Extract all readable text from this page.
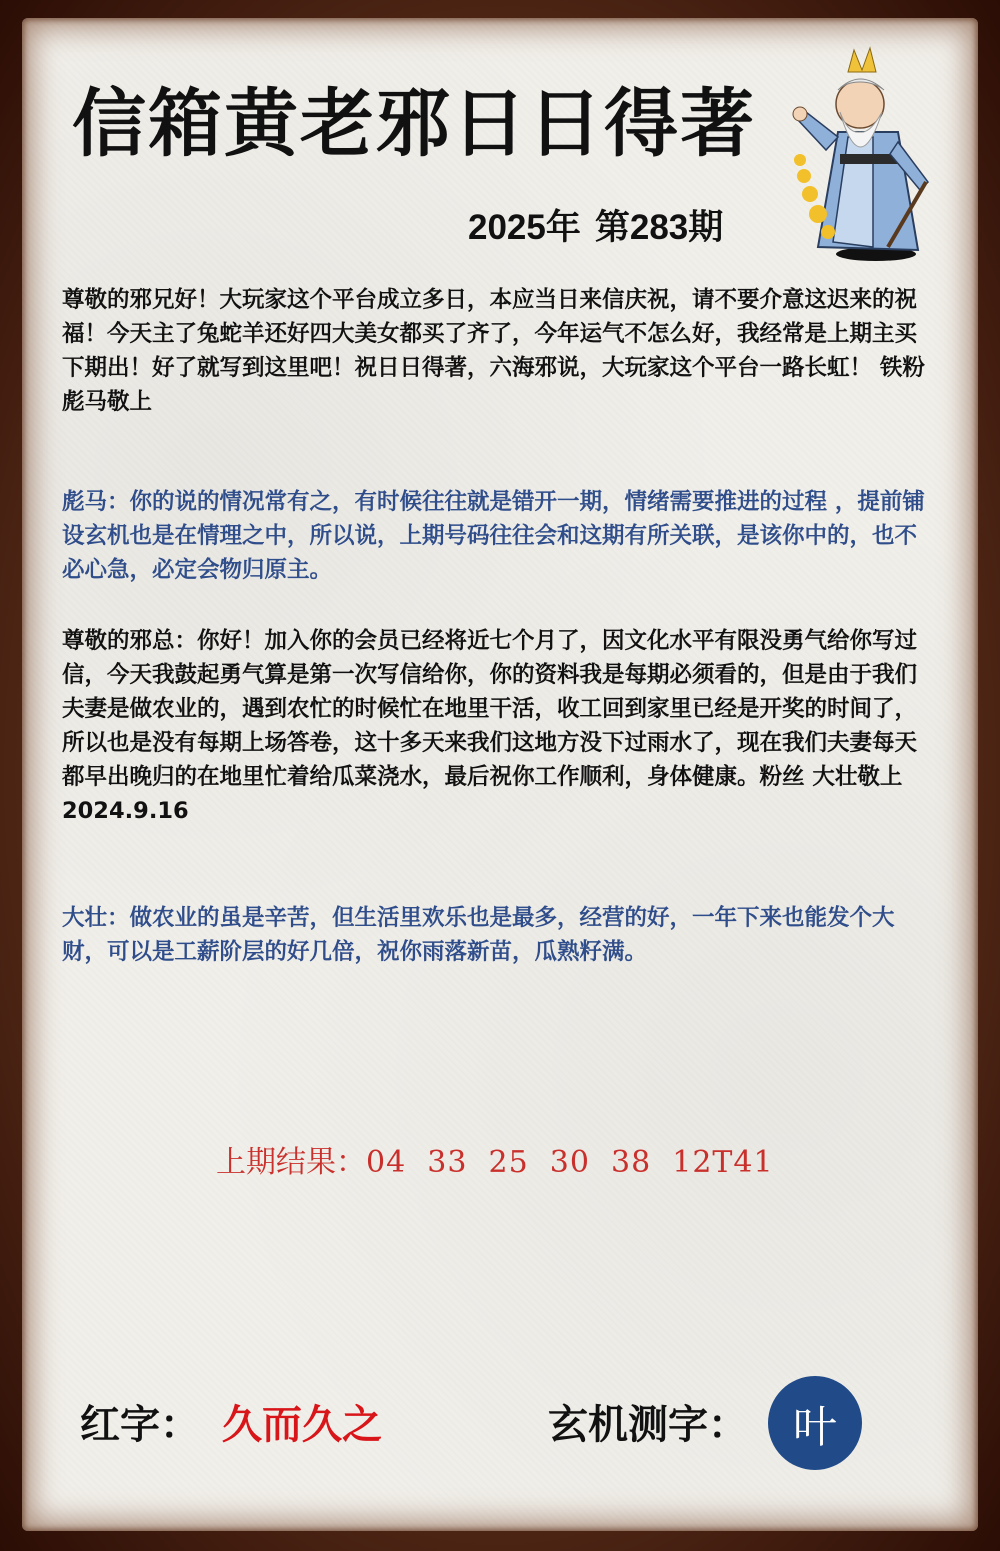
信箱黄老邪日日得著
2025年 第283期

尊敬的邪兄好！大玩家这个平台成立多日，本应当日来信庆祝，请不要介意这迟来的祝福！今天主了兔蛇羊还好四大美女都买了齐了，今年运气不怎么好，我经常是上期主买下期出！好了就写到这里吧！祝日日得著，六海邪说，大玩家这个平台一路长虹！ 铁粉彪马敬上

彪马：你的说的情况常有之，有时候往往就是错开一期，情绪需要推进的过程 ，提前铺设玄机也是在情理之中，所以说，上期号码往往会和这期有所关联，是该你中的，也不必心急，必定会物归原主。

尊敬的邪总：你好！加入你的会员已经将近七个月了，因文化水平有限没勇气给你写过信，今天我鼓起勇气算是第一次写信给你，你的资料我是每期必须看的，但是由于我们夫妻是做农业的，遇到农忙的时候忙在地里干活，收工回到家里已经是开奖的时间了，所以也是没有每期上场答卷，这十多天来我们这地方没下过雨水了，现在我们夫妻每天都早出晚归的在地里忙着给瓜菜浇水，最后祝你工作顺利，身体健康。粉丝 大壮敬上2024.9.16

大壮：做农业的虽是辛苦，但生活里欢乐也是最多，经营的好，一年下来也能发个大财，可以是工薪阶层的好几倍，祝你雨落新苗，瓜熟籽满。

上期结果：04  33  25  30  38  12T41
红字： 久而久之	玄机测字： 叶
